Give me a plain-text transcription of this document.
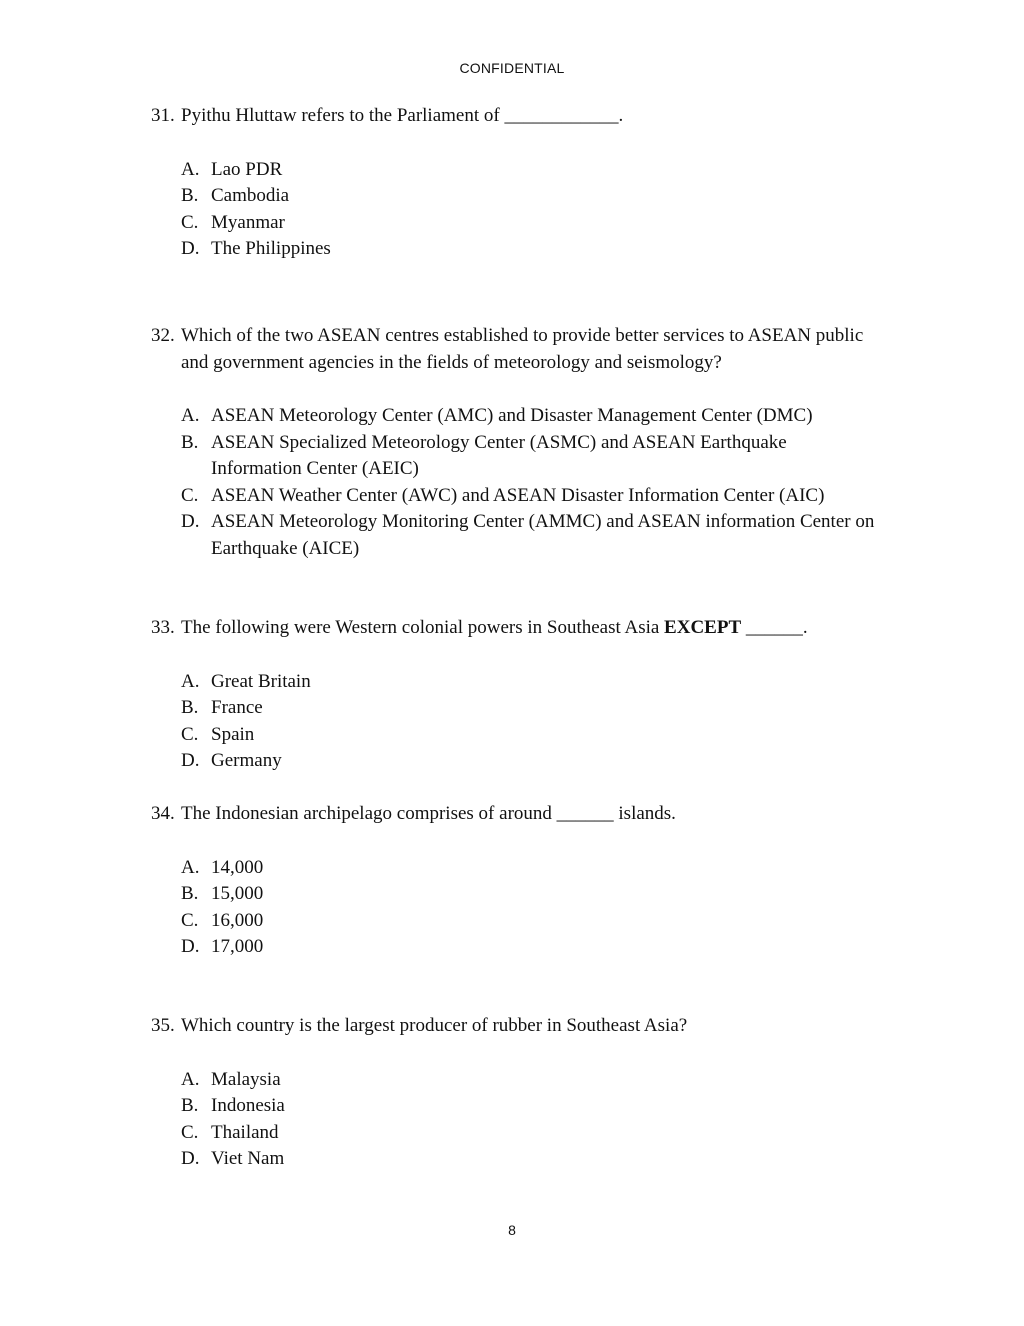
CONFIDENTIAL
31. Pyithu Hluttaw refers to the Parliament of ____________.
A. Lao PDR
B. Cambodia
C. Myanmar
D. The Philippines
32. Which of the two ASEAN centres established to provide better services to ASEAN public and government agencies in the fields of meteorology and seismology?
A. ASEAN Meteorology Center (AMC) and Disaster Management Center (DMC)
B. ASEAN Specialized Meteorology Center (ASMC) and ASEAN Earthquake Information Center (AEIC)
C. ASEAN Weather Center (AWC) and ASEAN Disaster Information Center (AIC)
D. ASEAN Meteorology Monitoring Center (AMMC) and ASEAN information Center on Earthquake (AICE)
33. The following were Western colonial powers in Southeast Asia EXCEPT ______.
A. Great Britain
B. France
C. Spain
D. Germany
34. The Indonesian archipelago comprises of around ______ islands.
A. 14,000
B. 15,000
C. 16,000
D. 17,000
35. Which country is the largest producer of rubber in Southeast Asia?
A. Malaysia
B. Indonesia
C. Thailand
D. Viet Nam
8
